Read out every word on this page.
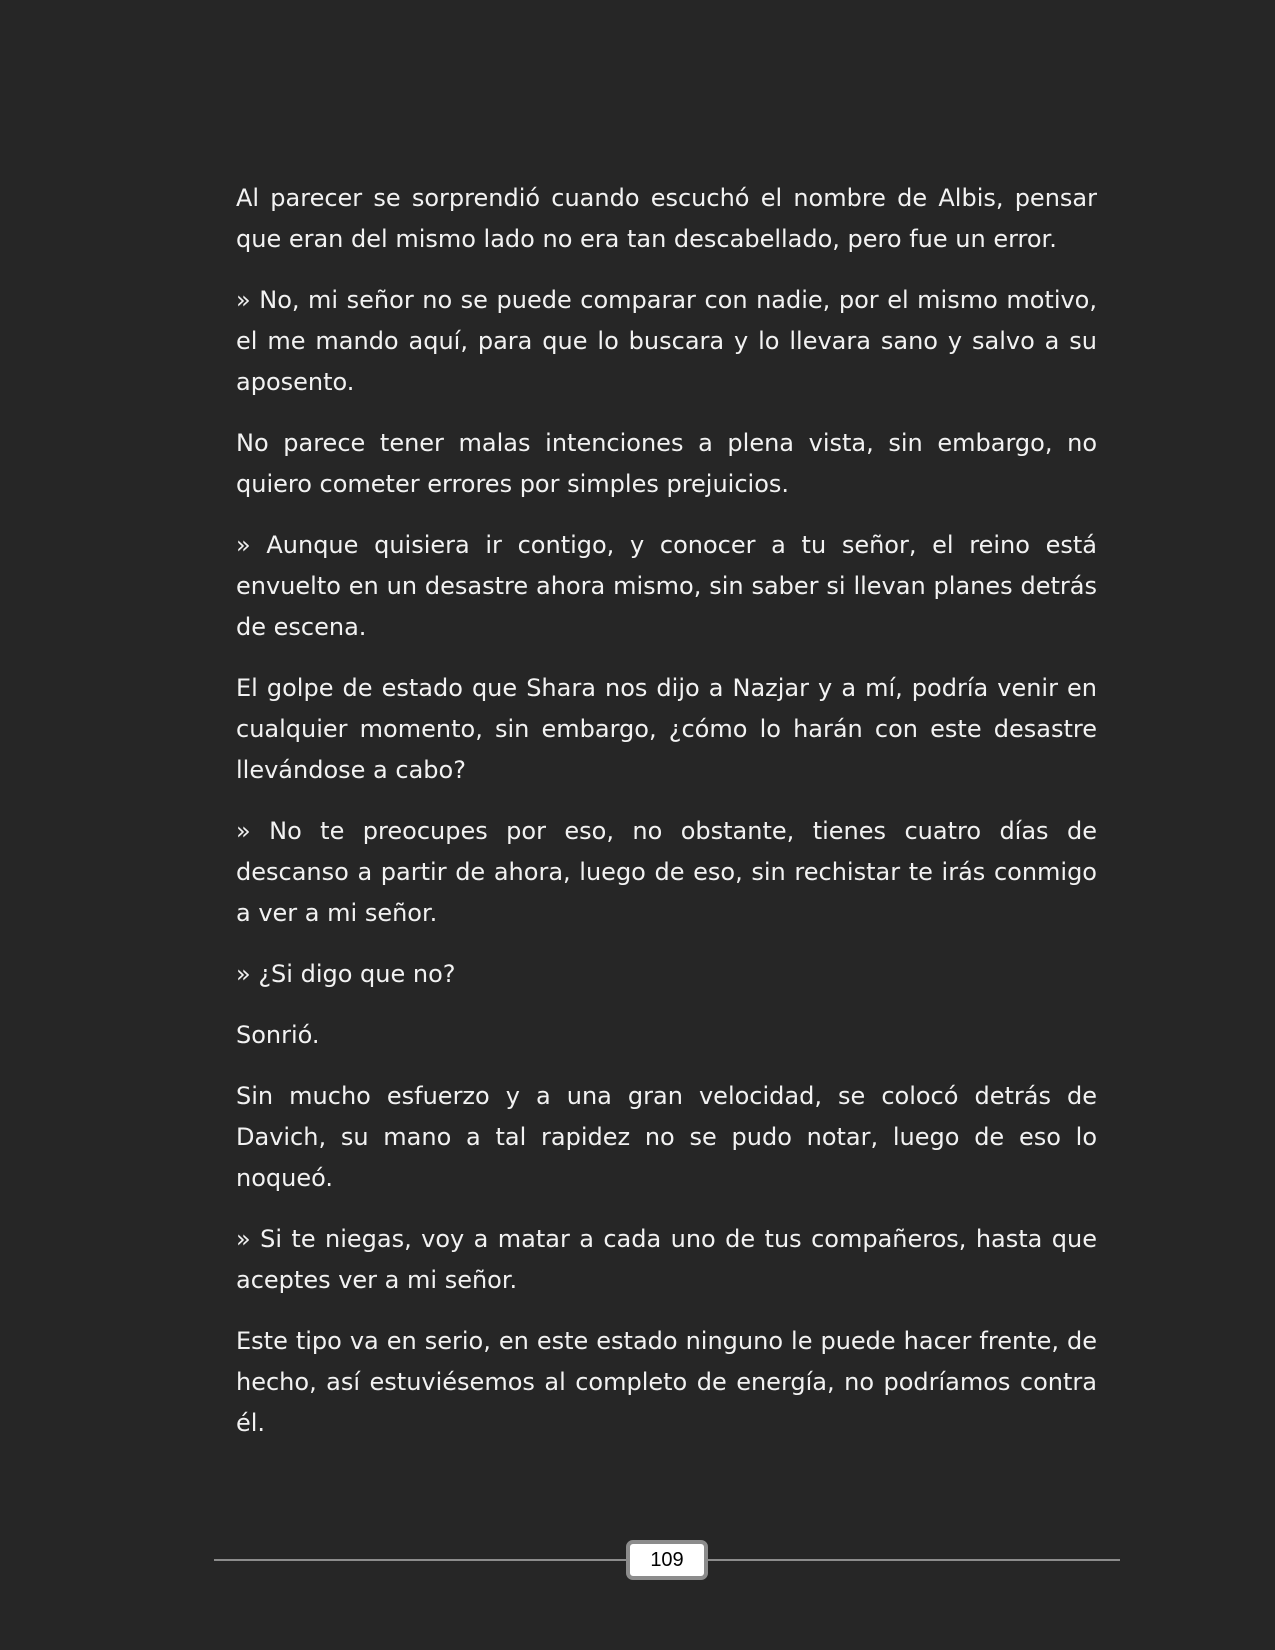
Al parecer se sorprendió cuando escuchó el nombre de Albis, pensar que eran del mismo lado no era tan descabellado, pero fue un error.

» No, mi señor no se puede comparar con nadie, por el mismo motivo, el me mando aquí, para que lo buscara y lo llevara sano y salvo a su aposento.

No parece tener malas intenciones a plena vista, sin embargo, no quiero cometer errores por simples prejuicios.

» Aunque quisiera ir contigo, y conocer a tu señor, el reino está envuelto en un desastre ahora mismo, sin saber si llevan planes detrás de escena.

El golpe de estado que Shara nos dijo a Nazjar y a mí, podría venir en cualquier momento, sin embargo, ¿cómo lo harán con este desastre llevándose a cabo?

» No te preocupes por eso, no obstante, tienes cuatro días de descanso a partir de ahora, luego de eso, sin rechistar te irás conmigo a ver a mi señor.

» ¿Si digo que no?

Sonrió.

Sin mucho esfuerzo y a una gran velocidad, se colocó detrás de Davich, su mano a tal rapidez no se pudo notar, luego de eso lo noqueó.

» Si te niegas, voy a matar a cada uno de tus compañeros, hasta que aceptes ver a mi señor.

Este tipo va en serio, en este estado ninguno le puede hacer frente, de hecho, así estuviésemos al completo de energía, no podríamos contra él.

109
